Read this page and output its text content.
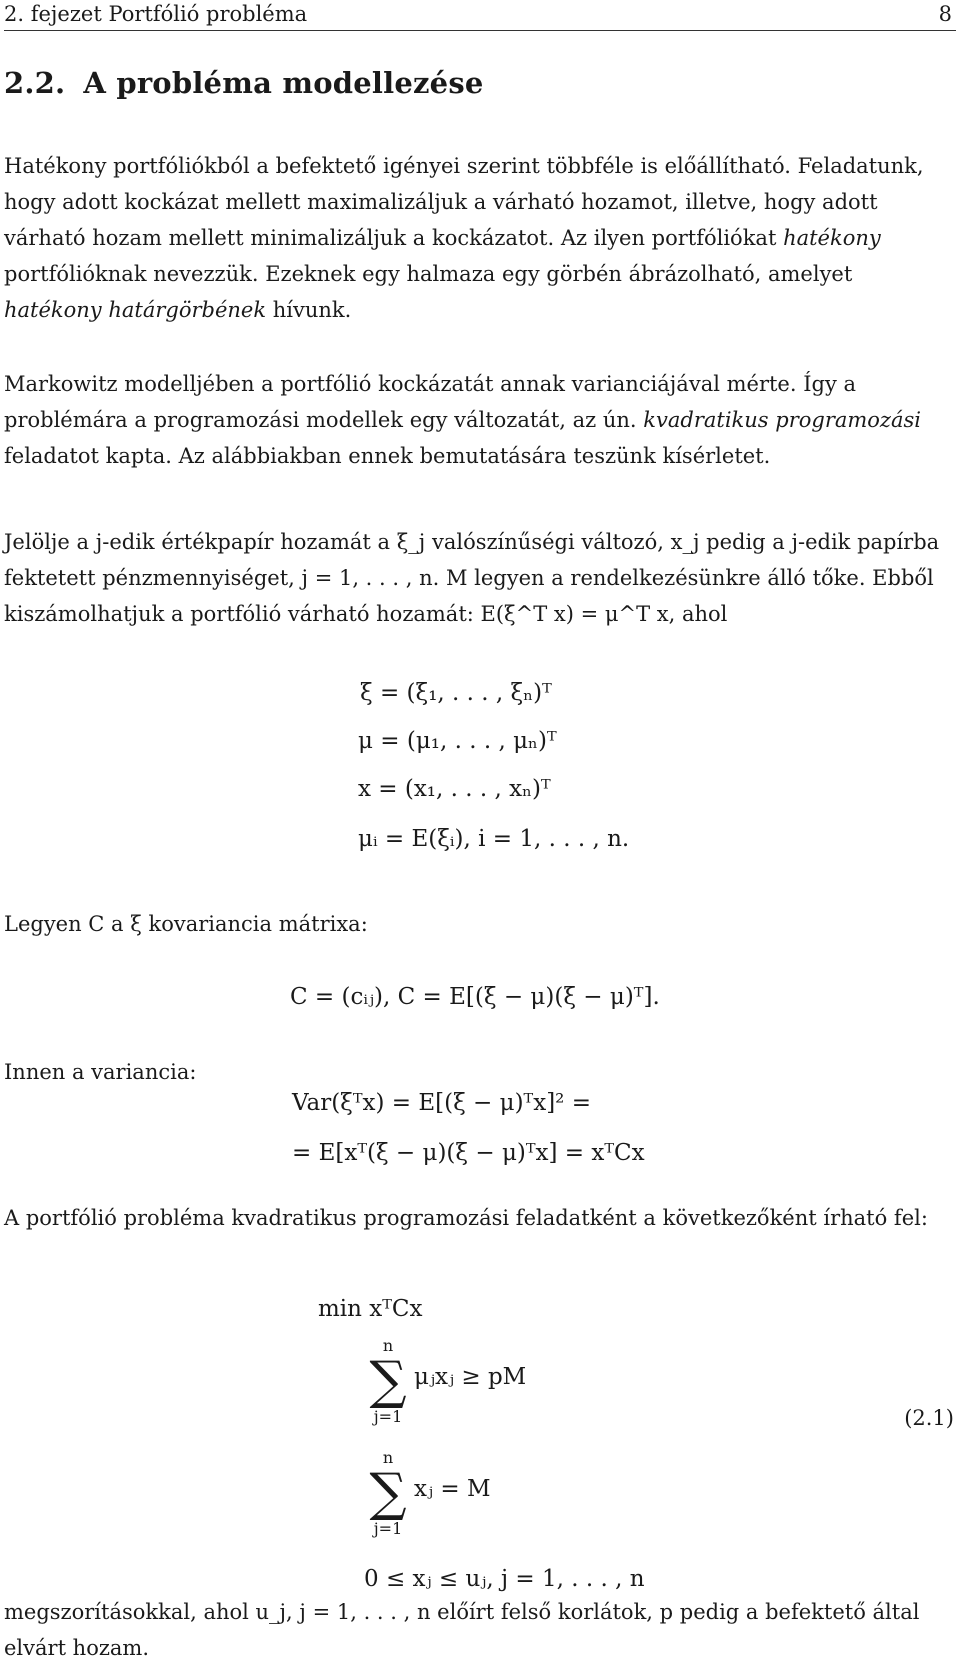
2. fejezet Portfólió probléma	8
2.2. A probléma modellezése

Hatékony portfóliókból a befektető igényei szerint többféle is előállítható. Feladatunk, hogy adott kockázat mellett maximalizáljuk a várható hozamot, illetve, hogy adott várható hozam mellett minimalizáljuk a kockázatot. Az ilyen portfóliókat hatékony portfólióknak nevezzük. Ezeknek egy halmaza egy görbén ábrázolható, amelyet hatékony határgörbének hívunk.

Markowitz modelljében a portfólió kockázatát annak varianciájával mérte. Így a problémára a programozási modellek egy változatát, az ún. kvadratikus programozási feladatot kapta. Az alábbiakban ennek bemutatására teszünk kísérletet.

Jelölje a j-edik értékpapír hozamát a ξ_j valószínűségi változó, x_j pedig a j-edik papírba fektetett pénzmennyiséget, j = 1, . . . , n. M legyen a rendelkezésünkre álló tőke. Ebből kiszámolhatjuk a portfólió várható hozamát: E(ξ^T x) = μ^T x, ahol

ξ = (ξ₁, . . . , ξₙ)ᵀ
μ = (μ₁, . . . , μₙ)ᵀ
x = (x₁, . . . , xₙ)ᵀ
μᵢ = E(ξᵢ), i = 1, . . . , n.

Legyen C a ξ kovariancia mátrixa:

C = (cᵢⱼ), C = E[(ξ − μ)(ξ − μ)ᵀ].

Innen a variancia:

Var(ξᵀx) = E[(ξ − μ)ᵀx]² =
= E[xᵀ(ξ − μ)(ξ − μ)ᵀx] = xᵀCx

A portfólió probléma kvadratikus programozási feladatként a következőként írható fel:

min xᵀCx
n
∑
j=1
μⱼxⱼ ≥ pM
n
∑
j=1
xⱼ = M
0 ≤ xⱼ ≤ uⱼ, j = 1, . . . , n
(2.1)

megszorításokkal, ahol u_j, j = 1, . . . , n előírt felső korlátok, p pedig a befektető által elvárt hozam.
